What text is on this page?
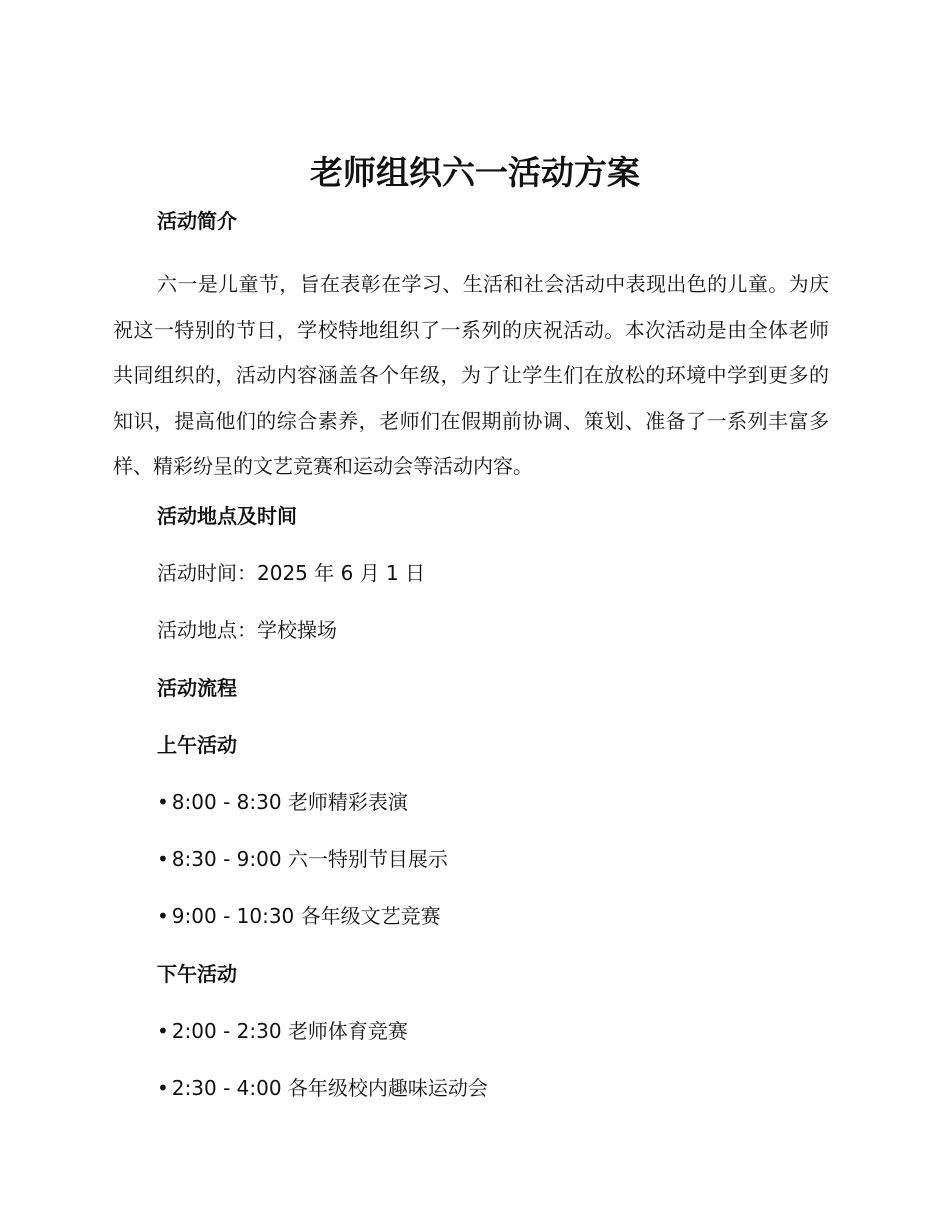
老师组织六一活动方案

活动简介

六一是儿童节，旨在表彰在学习、生活和社会活动中表现出色的儿童。为庆祝这一特别的节日，学校特地组织了一系列的庆祝活动。本次活动是由全体老师共同组织的，活动内容涵盖各个年级，为了让学生们在放松的环境中学到更多的知识，提高他们的综合素养，老师们在假期前协调、策划、准备了一系列丰富多样、精彩纷呈的文艺竞赛和运动会等活动内容。

活动地点及时间

活动时间：2025 年 6 月 1 日

活动地点：学校操场

活动流程

上午活动

• 8:00 - 8:30 老师精彩表演

• 8:30 - 9:00 六一特别节目展示

• 9:00 - 10:30 各年级文艺竞赛

下午活动

• 2:00 - 2:30 老师体育竞赛

• 2:30 - 4:00 各年级校内趣味运动会
